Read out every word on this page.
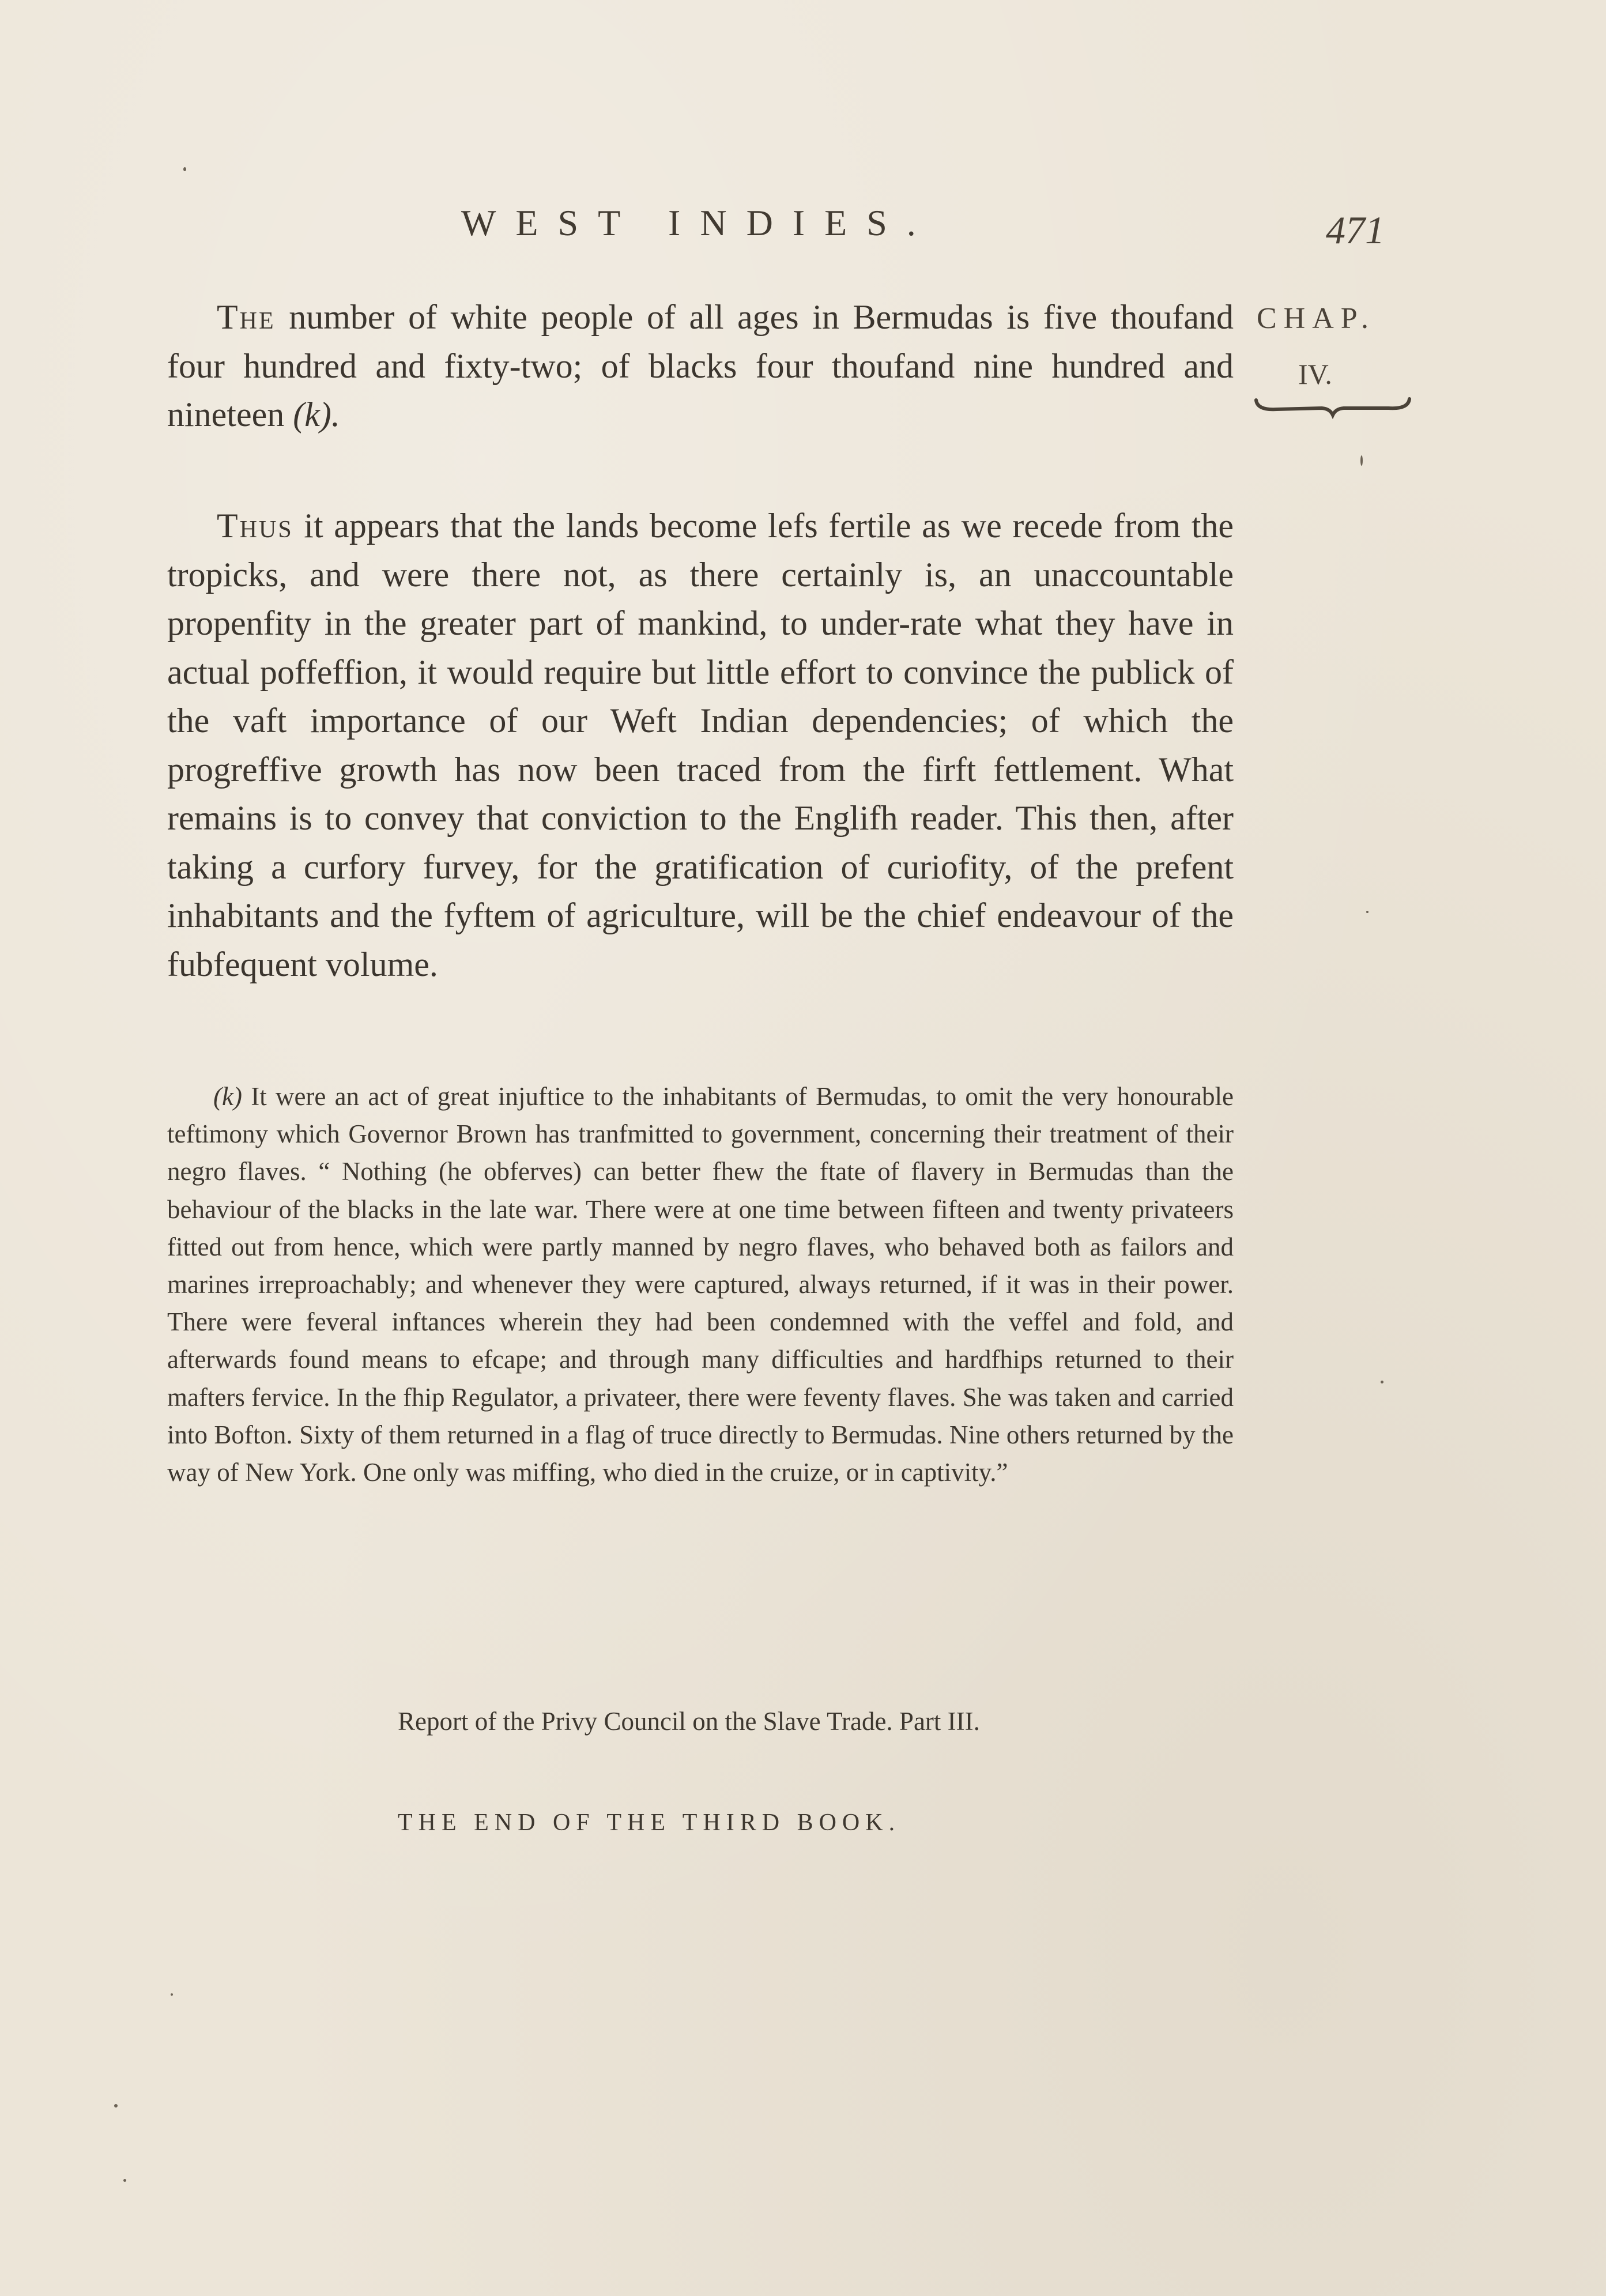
WEST INDIES.	471
CHAP.
IV.
The number of white people of all ages in Bermudas is five thoufand four hundred and fixty-two; of blacks four thoufand nine hundred and nineteen (k).
Thus it appears that the lands become lefs fertile as we recede from the tropicks, and were there not, as there certainly is, an unaccountable propenfity in the greater part of mankind, to under-rate what they have in actual poffeffion, it would require but little effort to convince the publick of the vaft importance of our Weft Indian dependencies; of which the progreffive growth has now been traced from the firft fettlement. What remains is to convey that conviction to the Englifh reader. This then, after taking a curfory furvey, for the gratification of curiofity, of the prefent inhabitants and the fyftem of agriculture, will be the chief endeavour of the fubfequent volume.
(k) It were an act of great injuftice to the inhabitants of Bermudas, to omit the very honourable teftimony which Governor Brown has tranfmitted to government, concerning their treatment of their negro flaves. “ Nothing (he obferves) can better fhew the ftate of flavery in Bermudas than the behaviour of the blacks in the late war. There were at one time between fifteen and twenty privateers fitted out from hence, which were partly manned by negro flaves, who behaved both as failors and marines irreproachably; and whenever they were captured, always returned, if it was in their power. There were feveral inftances wherein they had been condemned with the veffel and fold, and afterwards found means to efcape; and through many difficulties and hardfhips returned to their mafters fervice. In the fhip Regulator, a privateer, there were feventy flaves. She was taken and carried into Bofton. Sixty of them returned in a flag of truce directly to Bermudas. Nine others returned by the way of New York. One only was miffing, who died in the cruize, or in captivity.”
Report of the Privy Council on the Slave Trade. Part III.
THE END OF THE THIRD BOOK.
